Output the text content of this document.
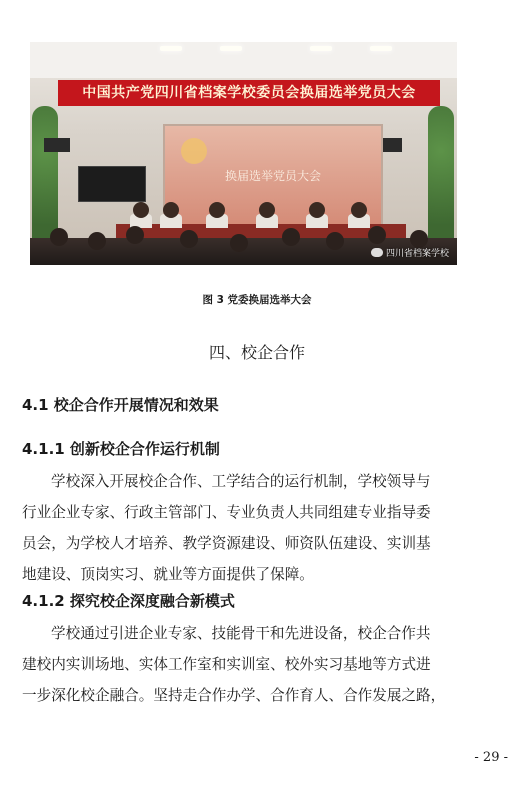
中国共产党四川省档案学校委员会换届选举党员大会
换届选举党员大会
四川省档案学校
图 3 党委换届选举大会
四、校企合作
4.1 校企合作开展情况和效果
4.1.1 创新校企合作运行机制
学校深入开展校企合作、工学结合的运行机制，学校领导与
行业企业专家、行政主管部门、专业负责人共同组建专业指导委
员会，为学校人才培养、教学资源建设、师资队伍建设、实训基
地建设、顶岗实习、就业等方面提供了保障。
4.1.2 探究校企深度融合新模式
学校通过引进企业专家、技能骨干和先进设备，校企合作共
建校内实训场地、实体工作室和实训室、校外实习基地等方式进
一步深化校企融合。坚持走合作办学、合作育人、合作发展之路，
- 29 -
